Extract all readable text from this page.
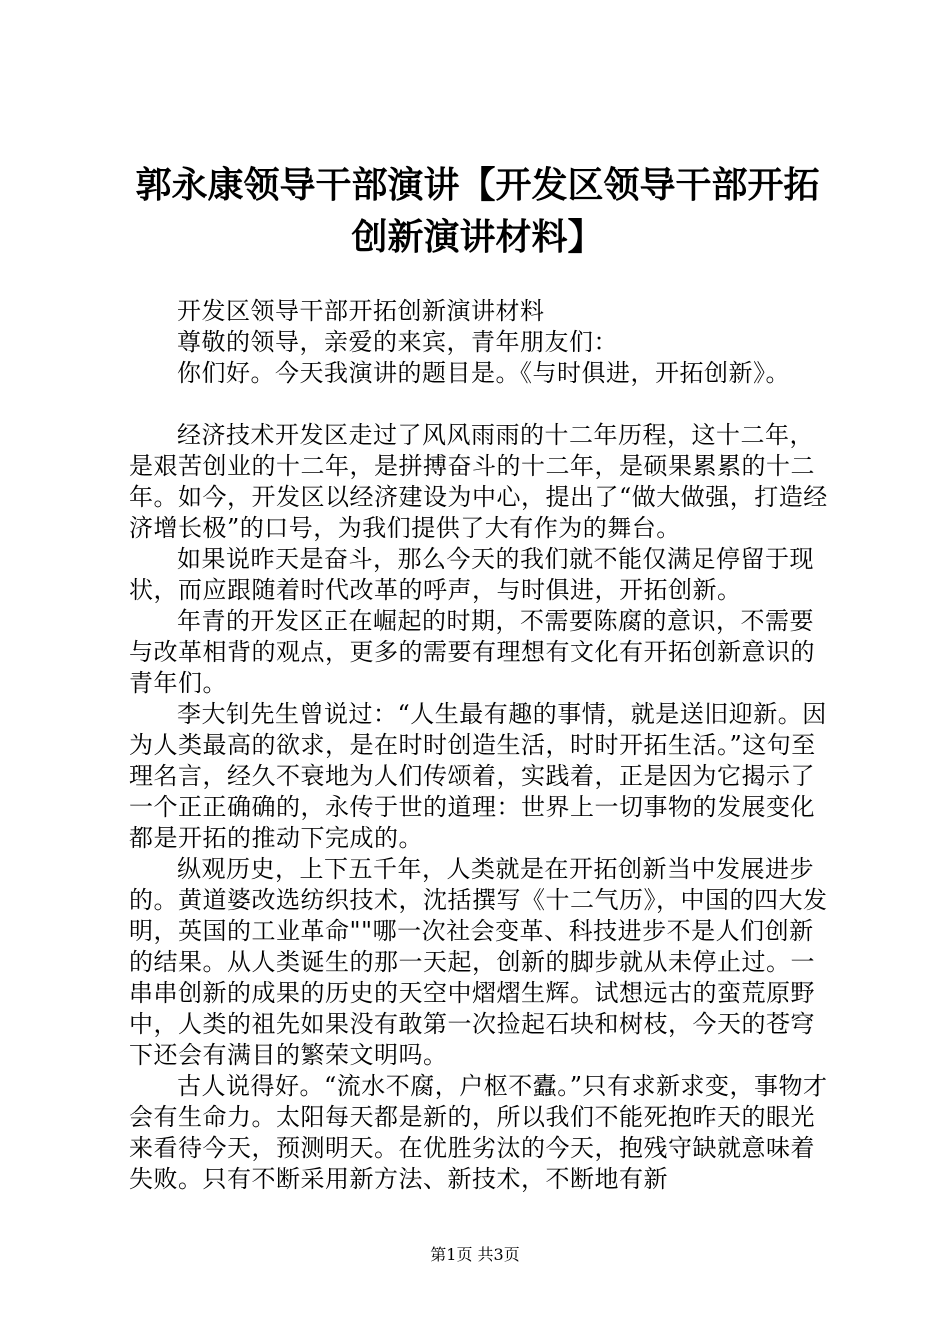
郭永康领导干部演讲【开发区领导干部开拓创新演讲材料】

开发区领导干部开拓创新演讲材料

尊敬的领导，亲爱的来宾，青年朋友们：

你们好。今天我演讲的题目是。《与时俱进，开拓创新》。

经济技术开发区走过了风风雨雨的十二年历程，这十二年，是艰苦创业的十二年，是拼搏奋斗的十二年，是硕果累累的十二年。如今，开发区以经济建设为中心，提出了“做大做强，打造经济增长极”的口号，为我们提供了大有作为的舞台。

如果说昨天是奋斗，那么今天的我们就不能仅满足停留于现状，而应跟随着时代改革的呼声，与时俱进，开拓创新。

年青的开发区正在崛起的时期，不需要陈腐的意识，不需要与改革相背的观点，更多的需要有理想有文化有开拓创新意识的青年们。

李大钊先生曾说过：“人生最有趣的事情，就是送旧迎新。因为人类最高的欲求，是在时时创造生活，时时开拓生活。”这句至理名言，经久不衰地为人们传颂着，实践着，正是因为它揭示了一个正正确确的，永传于世的道理：世界上一切事物的发展变化都是开拓的推动下完成的。

纵观历史，上下五千年，人类就是在开拓创新当中发展进步的。黄道婆改选纺织技术，沈括撰写《十二气历》，中国的四大发明，英国的工业革命""哪一次社会变革、科技进步不是人们创新的结果。从人类诞生的那一天起，创新的脚步就从未停止过。一串串创新的成果的历史的天空中熠熠生辉。试想远古的蛮荒原野中，人类的祖先如果没有敢第一次捡起石块和树枝，今天的苍穹下还会有满目的繁荣文明吗。

古人说得好。“流水不腐，户枢不蠹。”只有求新求变，事物才会有生命力。太阳每天都是新的，所以我们不能死抱昨天的眼光来看待今天，预测明天。在优胜劣汰的今天，抱残守缺就意味着失败。只有不断采用新方法、新技术，不断地有新

第1页 共3页
